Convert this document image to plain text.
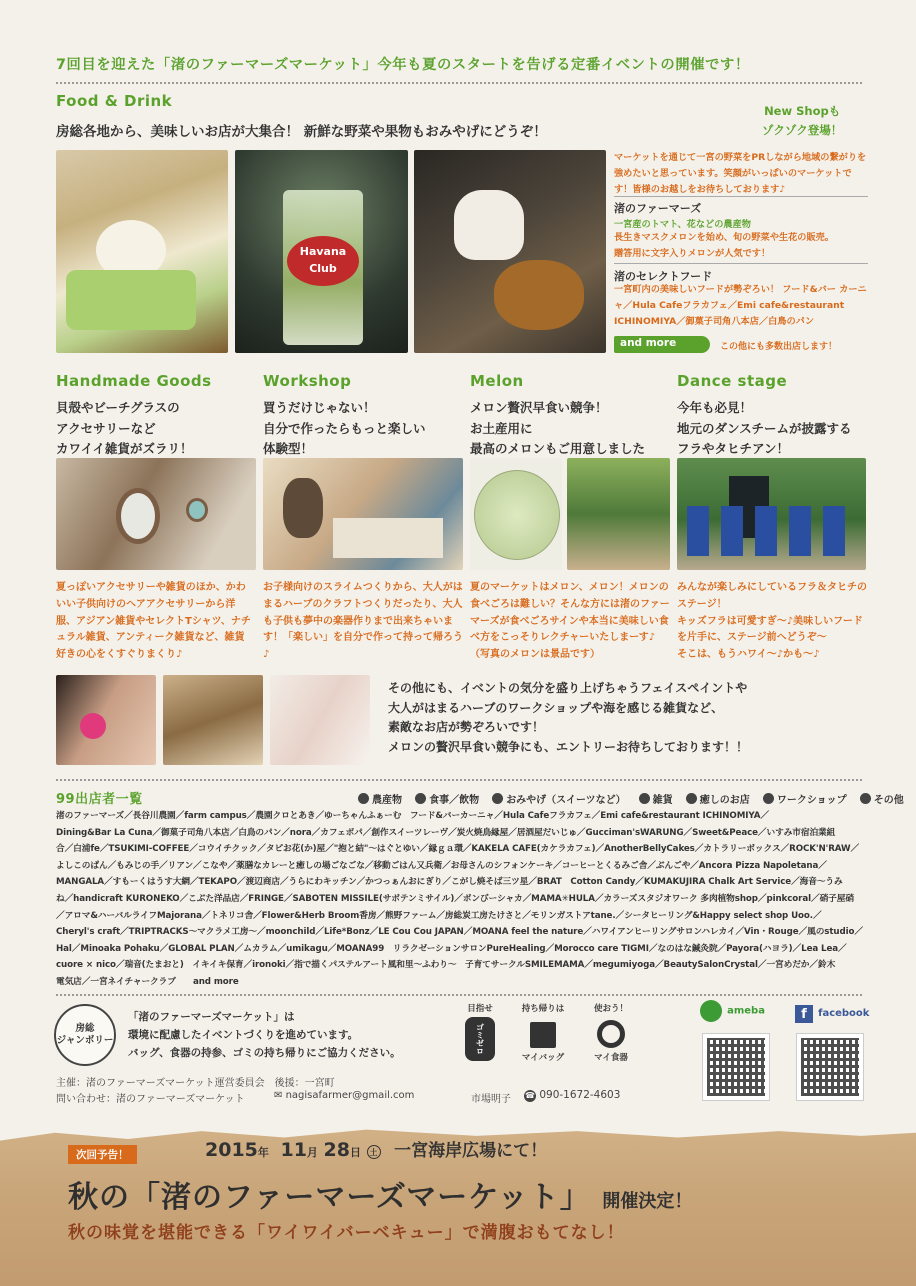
7回目を迎えた「渚のファーマーズマーケット」今年も夏のスタートを告げる定番イベントの開催です！
Food & Drink
房総各地から、美味しいお店が大集合！ 新鮮な野菜や果物もおみやげにどうぞ！
New Shopも
ゾクゾク登場！
Havana
Club
マーケットを通じて一宮の野菜をPRしながら地域の繋がりを強めたいと思っています。笑顔がいっぱいのマーケットです！皆様のお越しをお待ちしております♪
渚のファーマーズ
一宮産のトマト、花などの農産物
長生きマスクメロンを始め、旬の野菜や生花の販売。
贈答用に文字入りメロンが人気です！
渚のセレクトフード
一宮町内の美味しいフードが勢ぞろい！ フード&バー カーニャ／Hula Cafeフラカフェ／Emi cafe&restaurant ICHINOMIYA／御菓子司角八本店／白鳥のパン
and more	この他にも多数出店します！
Handmade Goods
貝殻やビーチグラスの
アクセサリーなど
カワイイ雑貨がズラリ！
夏っぽいアクセサリーや雑貨のほか、かわいい子供向けのヘアアクセサリーから洋服、アジアン雑貨やセレクトTシャツ、ナチュラル雑貨、アンティーク雑貨など、雑貨好きの心をくすぐりまくり♪
Workshop
買うだけじゃない！
自分で作ったらもっと楽しい
体験型！
お子様向けのスライムつくりから、大人がはまるハーブのクラフトつくりだったり、大人も子供も夢中の楽器作りまで出来ちゃいます！「楽しい」を自分で作って持って帰ろう♪
Melon
メロン贅沢早食い競争！
お土産用に
最高のメロンもご用意しました
夏のマーケットはメロン、メロン！メロンの食べごろは難しい？そんな方には渚のファーマーズが食べごろサインや本当に美味しい食べ方をこっそりレクチャーいたしまーす♪（写真のメロンは景品です）
Dance stage
今年も必見！
地元のダンスチームが披露する
フラやタヒチアン！
みんなが楽しみにしているフラ＆タヒチのステージ！
キッズフラは可愛すぎ〜♪美味しいフードを片手に、ステージ前へどうぞ〜
そこは、もうハワイ〜♪かも〜♪
その他にも、イベントの気分を盛り上げちゃうフェイスペイントや
大人がはまるハーブのワークショップや海を感じる雑貨など、
素敵なお店が勢ぞろいです！
メロンの贅沢早食い競争にも、エントリーお待ちしております！！
99出店者一覧	農産物
	食事／飲物
	おみやげ（スイーツなど）
	雑貨
	癒しのお店
	ワークショップ
	その他
渚のファーマーズ／長谷川農園／farm campus／農園クロとあき／ゆーちゃんふぁーむ　フード&バーカーニャ／Hula Cafeフラカフェ／Emi cafe&restaurant ICHINOMIYA／
Dining&Bar La Cuna／御菓子司角八本店／白鳥のパン／nora／カフェポパ／創作スイーツレーヴ／炭火焼鳥縁屋／居酒屋だいじゅ／Gucciman'sWARUNG／Sweet&Peace／いすみ市宿泊業組
合／白浦fe／TSUKIMI-COFFEE／コウイチクック／タピお花(か)屋／"抱と結"〜はぐとゆい／縁ｇａ環／KAKELA CAFE(カケラカフェ)／AnotherBellyCakes／カトラリーボックス／ROCK'N'RAW／
よしこのぱん／もみじの手／リアン／こなや／薬膳なカレーと癒しの場ごなごな／移動ごはん又兵衛／お母さんのシフォンケーキ／コーヒーとくるみご舎／ぶんごや／Ancora Pizza Napoletana／
MANGALA／すもーくはうす大網／TEKAPO／渡辺商店／うらにわキッチン／かつっぁんおにぎり／こがし焼そば三ツ星／BRAT　Cotton Candy／KUMAKUJIRA Chalk Art Service／海音〜うみ
ね／handicraft KURONEKO／こぶた洋品店／FRINGE／SABOTEN MISSILE(サボテンミサイル)／ボンびーシャカ／MAMA✳HULA／カラーズスタジオワーク 多肉植物shop／pinkcoral／硝子屋硝
／アロマ&ハーバルライフMajorana／トネリコ舎／Flower&Herb Broom香房／熊野ファーム／房総炭工房たけさと／モリンガストアtane.／シータヒーリング&Happy select shop Uoo.／
Cheryl's craft／TRIPTRACKS〜マクラメ工房〜／moonchild／Life*Bonz／LE Cou Cou JAPAN／MOANA feel the nature／ハワイアンヒーリングサロンハレカイ／Vin・Rouge／風のstudio／
Hal／Minoaka Pohaku／GLOBAL PLAN／ムカラム／umikagu／MOANA99　リラクゼーションサロンPureHealing／Morocco care TIGMI／なのはな鍼灸院／Payora(ハヨラ)／Lea Lea／
cuore × nico／瑞音(たまおと)　イキイキ保育／ironoki／指で描くパステルアート風和里〜ふわり〜　子育てサークルSMILEMAMA／megumiyoga／BeautySalonCrystal／一宮めだか／鈴木
電気店／一宮ネイチャークラブ　　and more
房総
ジャンボリー
「渚のファーマーズマーケット」は
環境に配慮したイベントづくりを進めています。
バッグ、食器の持参、ゴミの持ち帰りにご協力ください。
目指せ
ゴミゼロ
持ち帰りは
マイバッグ
使おう！
マイ食器
ameba	f facebook
主催：渚のファーマーズマーケット運営委員会　後援：一宮町
問い合わせ：渚のファーマーズマーケット	✉ nagisafarmer@gmail.com	市場明子 ☎ 090-1672-4603
次回予告！	2015年 11月 28日 土 一宮海岸広場にて！
秋の「渚のファーマーズマーケット」 開催決定！
秋の味覚を堪能できる「ワイワイバーベキュー」で満腹おもてなし！
